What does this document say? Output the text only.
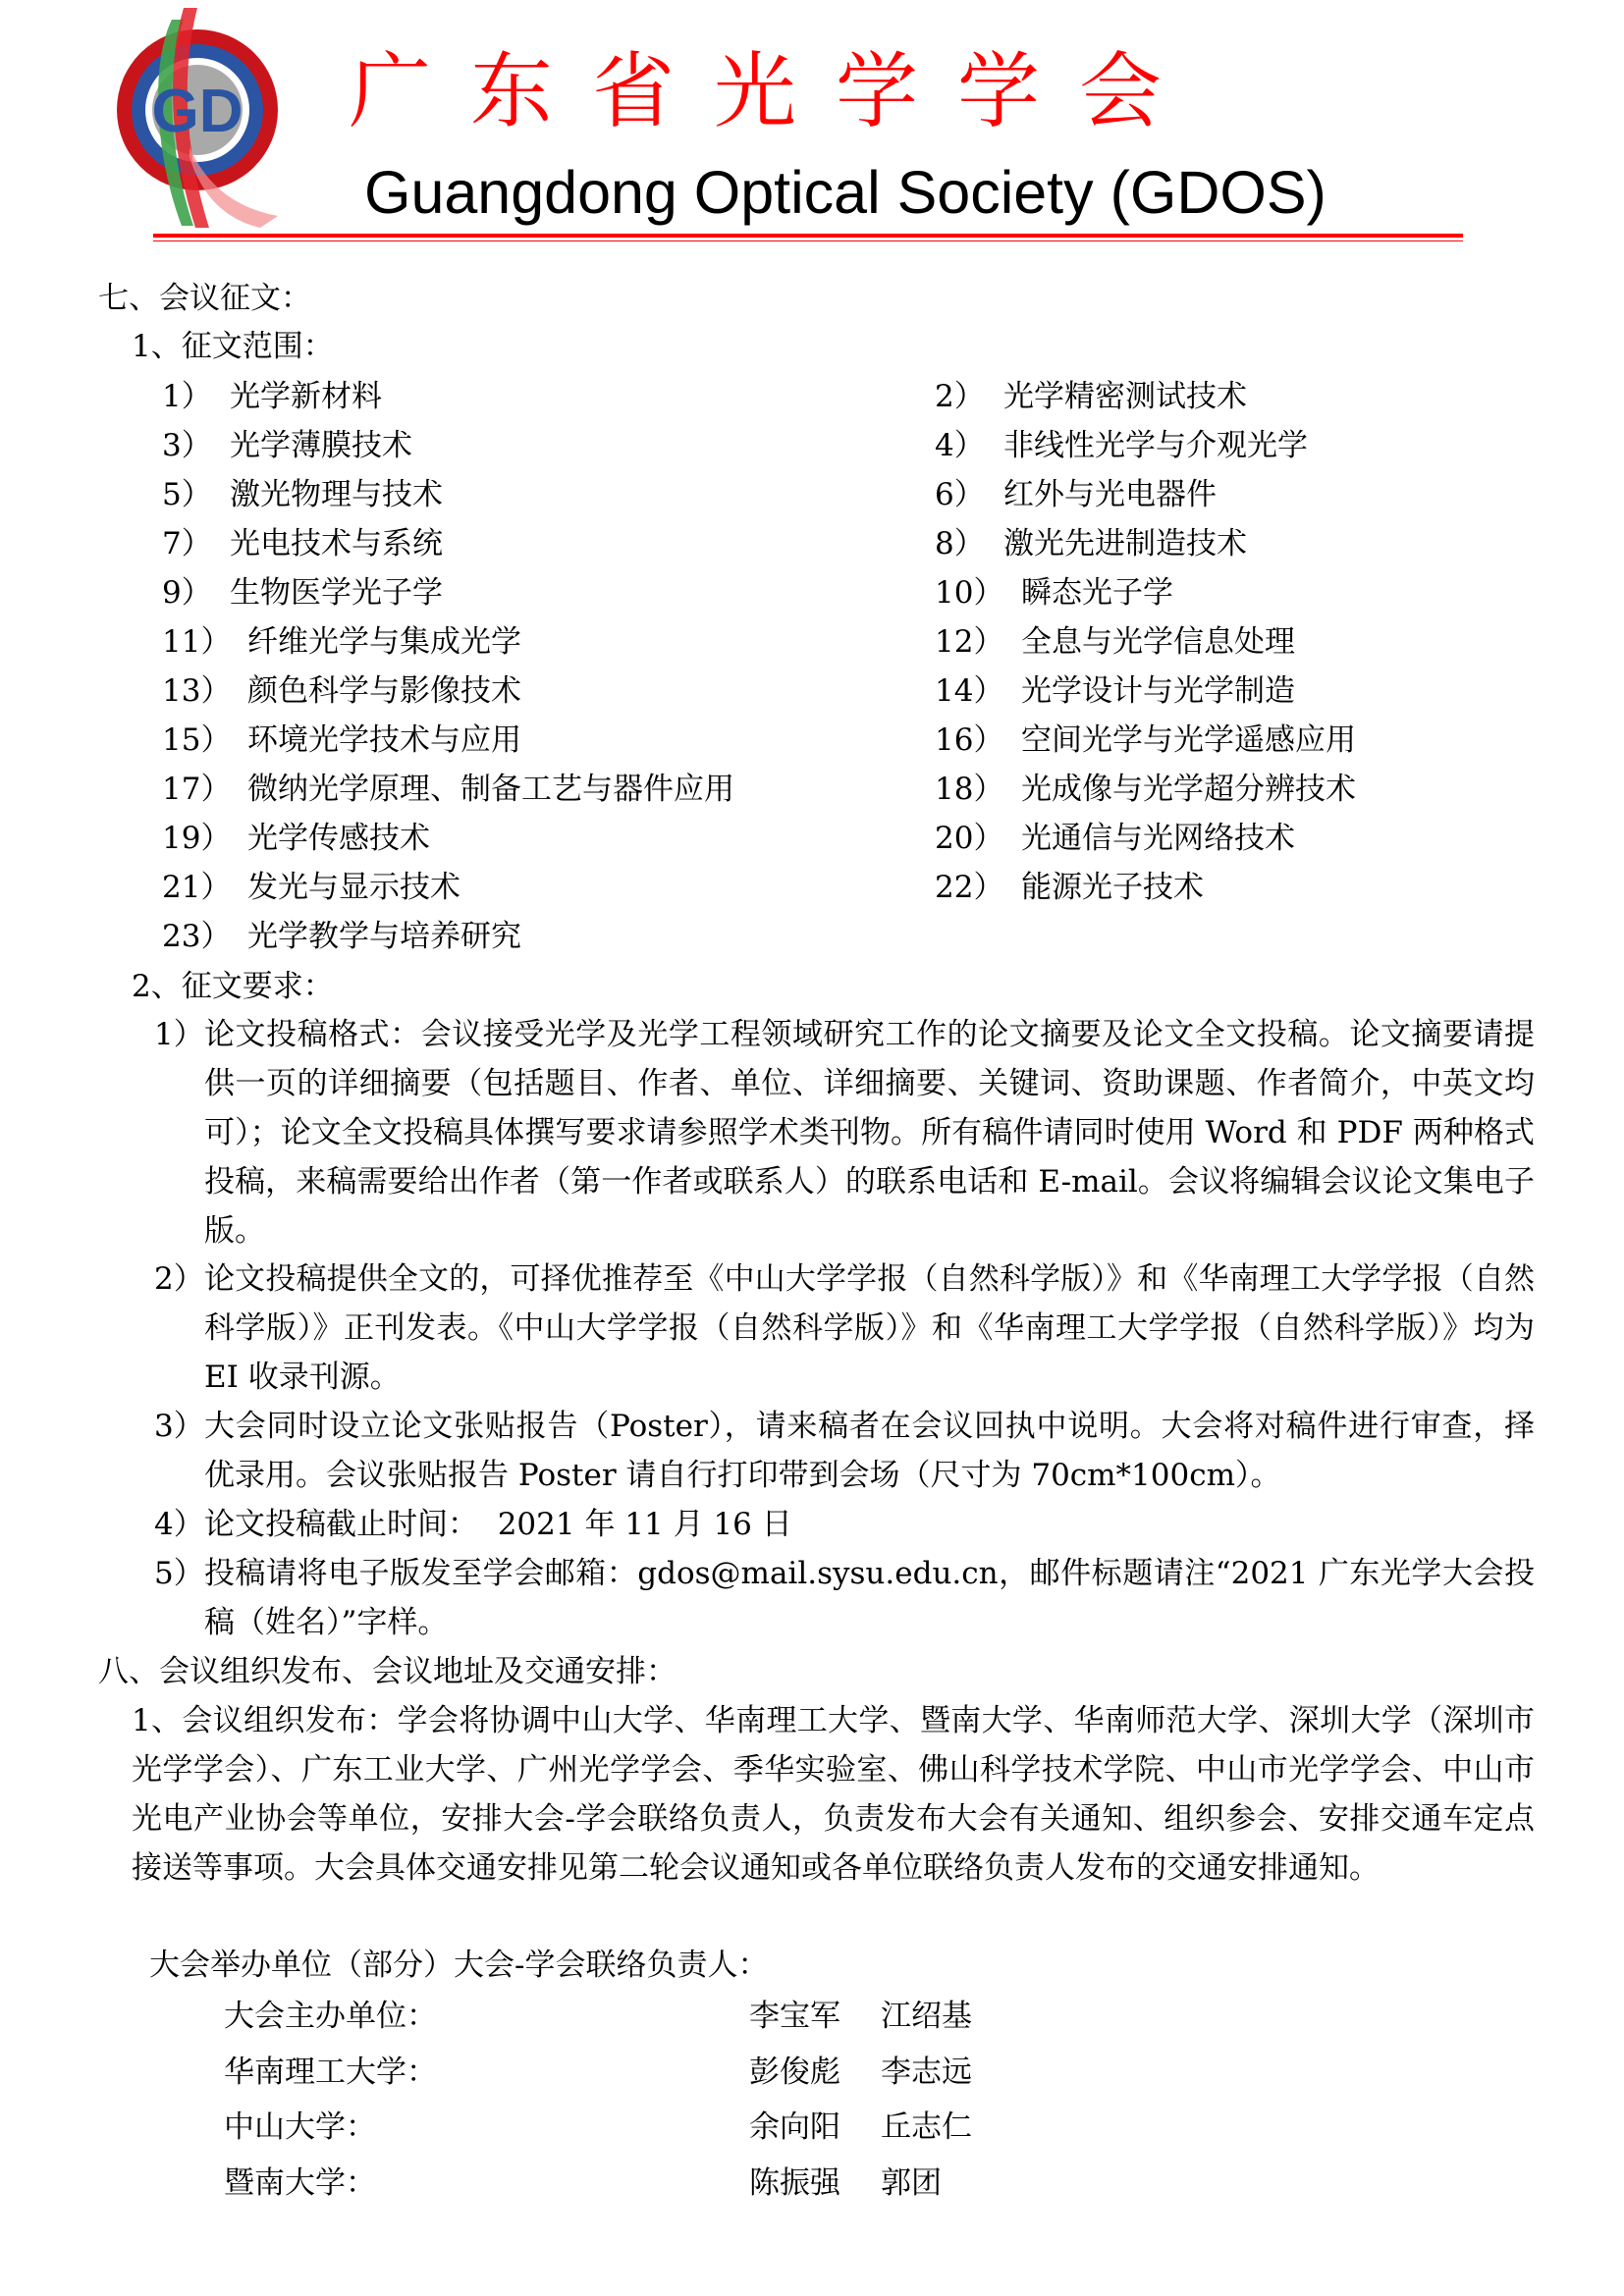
GD 广东省光学学会
Guangdong Optical Society (GDOS)
七、会议征文：
1、征文范围：
1） 光学新材料	2） 光学精密测试技术
3） 光学薄膜技术	4） 非线性光学与介观光学
5） 激光物理与技术	6） 红外与光电器件
7） 光电技术与系统	8） 激光先进制造技术
9） 生物医学光子学	10） 瞬态光子学
11） 纤维光学与集成光学	12） 全息与光学信息处理
13） 颜色科学与影像技术	14） 光学设计与光学制造
15） 环境光学技术与应用	16） 空间光学与光学遥感应用
17） 微纳光学原理、制备工艺与器件应用	18） 光成像与光学超分辨技术
19） 光学传感技术	20） 光通信与光网络技术
21） 发光与显示技术	22） 能源光子技术
23） 光学教学与培养研究
2、征文要求：
1） 论文投稿格式：会议接受光学及光学工程领域研究工作的论文摘要及论文全文投稿。论文摘要请提供一页的详细摘要（包括题目、作者、单位、详细摘要、关键词、资助课题、作者简介，中英文均可）；论文全文投稿具体撰写要求请参照学术类刊物。所有稿件请同时使用 Word 和 PDF 两种格式投稿，来稿需要给出作者（第一作者或联系人）的联系电话和 E-mail。会议将编辑会议论文集电子版。
2） 论文投稿提供全文的，可择优推荐至《中山大学学报（自然科学版）》和《华南理工大学学报（自然科学版）》正刊发表。《中山大学学报（自然科学版）》和《华南理工大学学报（自然科学版）》均为 EI 收录刊源。
3） 大会同时设立论文张贴报告（Poster），请来稿者在会议回执中说明。大会将对稿件进行审查，择优录用。会议张贴报告 Poster 请自行打印带到会场（尺寸为 70cm*100cm）。
4） 论文投稿截止时间：  2021 年 11 月 16 日
5） 投稿请将电子版发至学会邮箱：gdos@mail.sysu.edu.cn，邮件标题请注“2021 广东光学大会投稿（姓名）”字样。
八、会议组织发布、会议地址及交通安排：
1、会议组织发布：学会将协调中山大学、华南理工大学、暨南大学、华南师范大学、深圳大学（深圳市光学学会）、广东工业大学、广州光学学会、季华实验室、佛山科学技术学院、中山市光学学会、中山市光电产业协会等单位，安排大会-学会联络负责人，负责发布大会有关通知、组织参会、安排交通车定点接送等事项。大会具体交通安排见第二轮会议通知或各单位联络负责人发布的交通安排通知。
大会举办单位（部分）大会-学会联络负责人：
大会主办单位：	李宝军 江绍基
华南理工大学：	彭俊彪 李志远
中山大学：	余向阳 丘志仁
暨南大学：	陈振强 郭团
